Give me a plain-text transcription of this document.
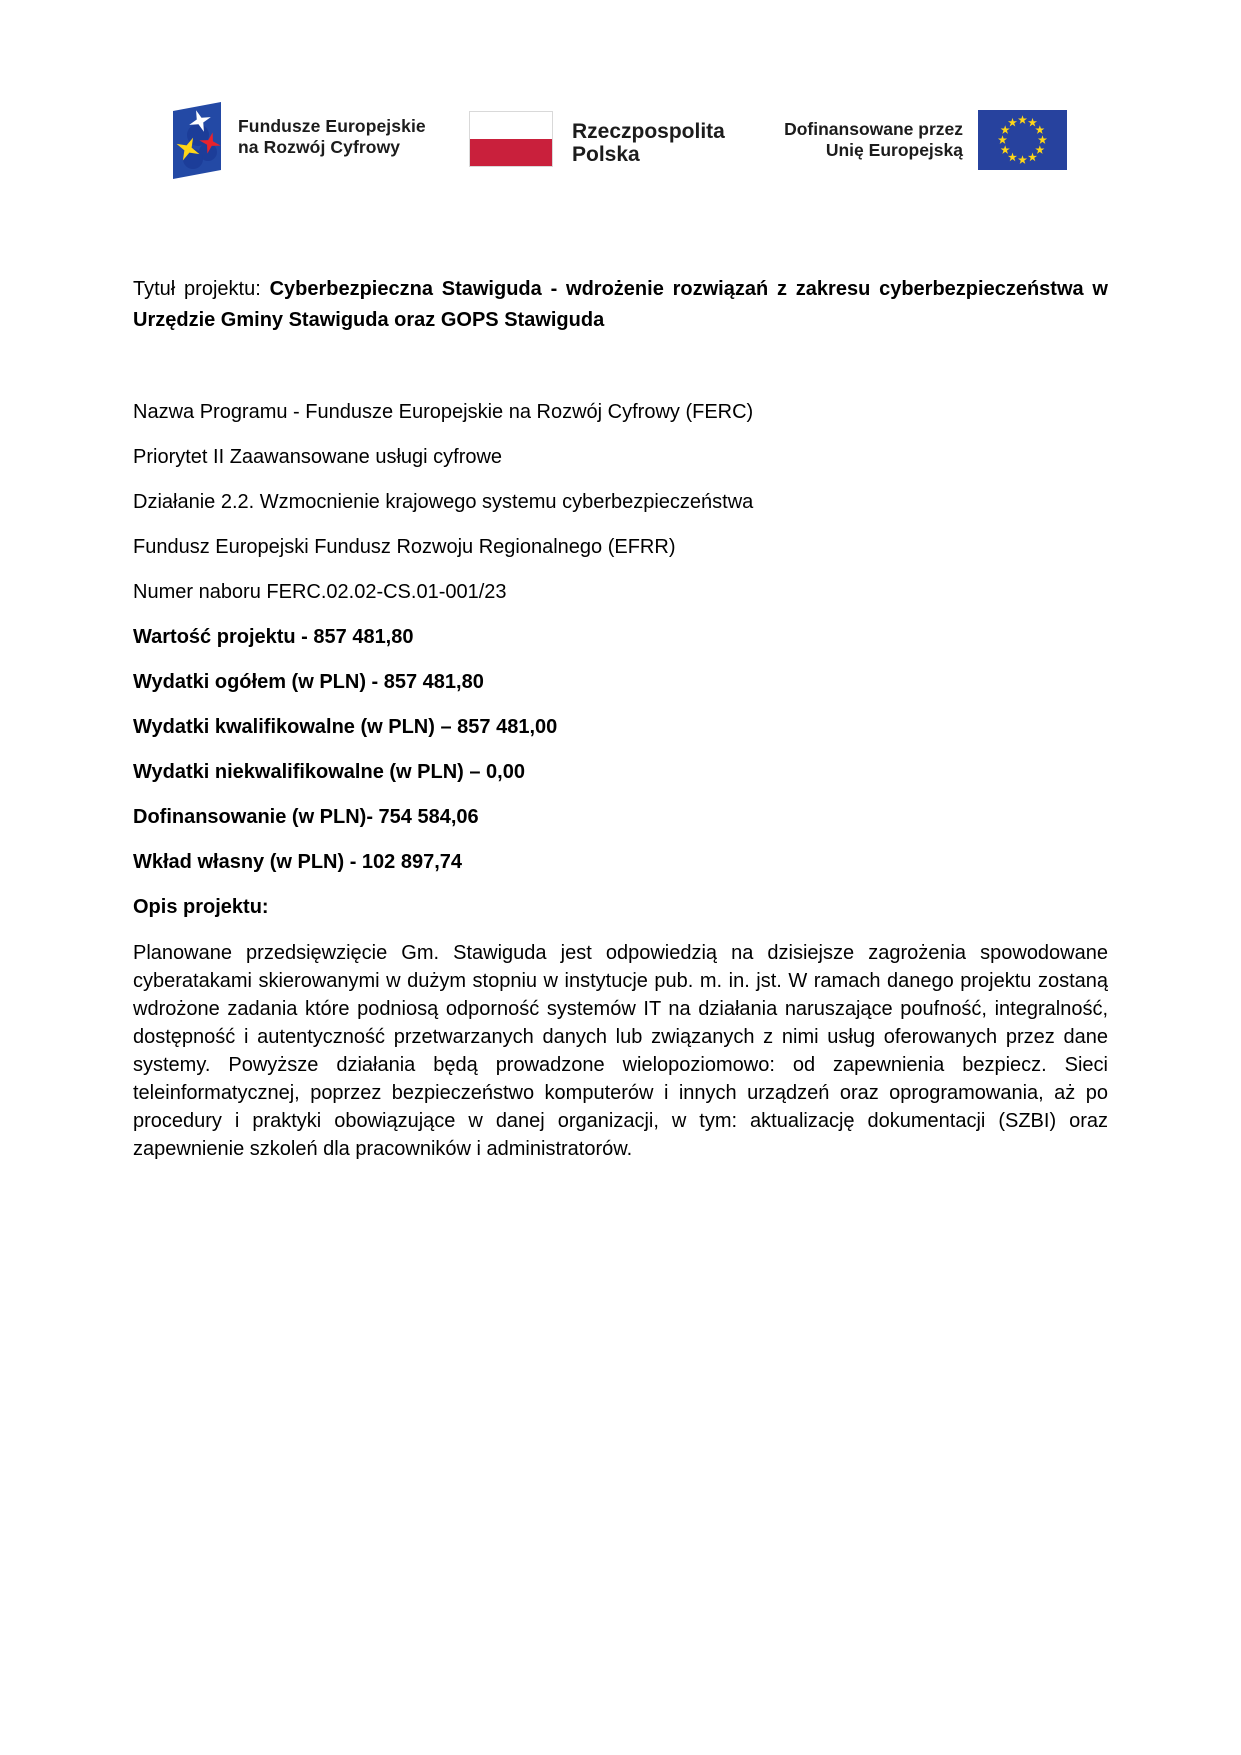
Fundusze Europejskie
na Rozwój Cyfrowy
Rzeczpospolita
Polska
Dofinansowane przez
Unię Europejską

Tytuł projektu: Cyberbezpieczna Stawiguda - wdrożenie rozwiązań z zakresu cyberbezpieczeństwa w Urzędzie Gminy Stawiguda oraz GOPS Stawiguda

Nazwa Programu - Fundusze Europejskie na Rozwój Cyfrowy (FERC)

Priorytet II Zaawansowane usługi cyfrowe

Działanie 2.2. Wzmocnienie krajowego systemu cyberbezpieczeństwa

Fundusz Europejski Fundusz Rozwoju Regionalnego (EFRR)

Numer naboru FERC.02.02-CS.01-001/23

Wartość projektu - 857 481,80

Wydatki ogółem (w PLN) - 857 481,80

Wydatki kwalifikowalne (w PLN) – 857 481,00

Wydatki niekwalifikowalne (w PLN) – 0,00

Dofinansowanie (w PLN)- 754 584,06

Wkład własny (w PLN) - 102 897,74

Opis projektu:

Planowane przedsięwzięcie Gm. Stawiguda jest odpowiedzią na dzisiejsze zagrożenia spowodowane cyberatakami skierowanymi w dużym stopniu w instytucje pub. m. in. jst. W ramach danego projektu zostaną wdrożone zadania które podniosą odporność systemów IT na działania naruszające poufność, integralność, dostępność i autentyczność przetwarzanych danych lub związanych z nimi usług oferowanych przez dane systemy. Powyższe działania będą prowadzone wielopoziomowo: od zapewnienia bezpiecz. Sieci teleinformatycznej, poprzez bezpieczeństwo komputerów i innych urządzeń oraz oprogramowania, aż po procedury i praktyki obowiązujące w danej organizacji, w tym: aktualizację dokumentacji (SZBI) oraz zapewnienie szkoleń dla pracowników i administratorów.
